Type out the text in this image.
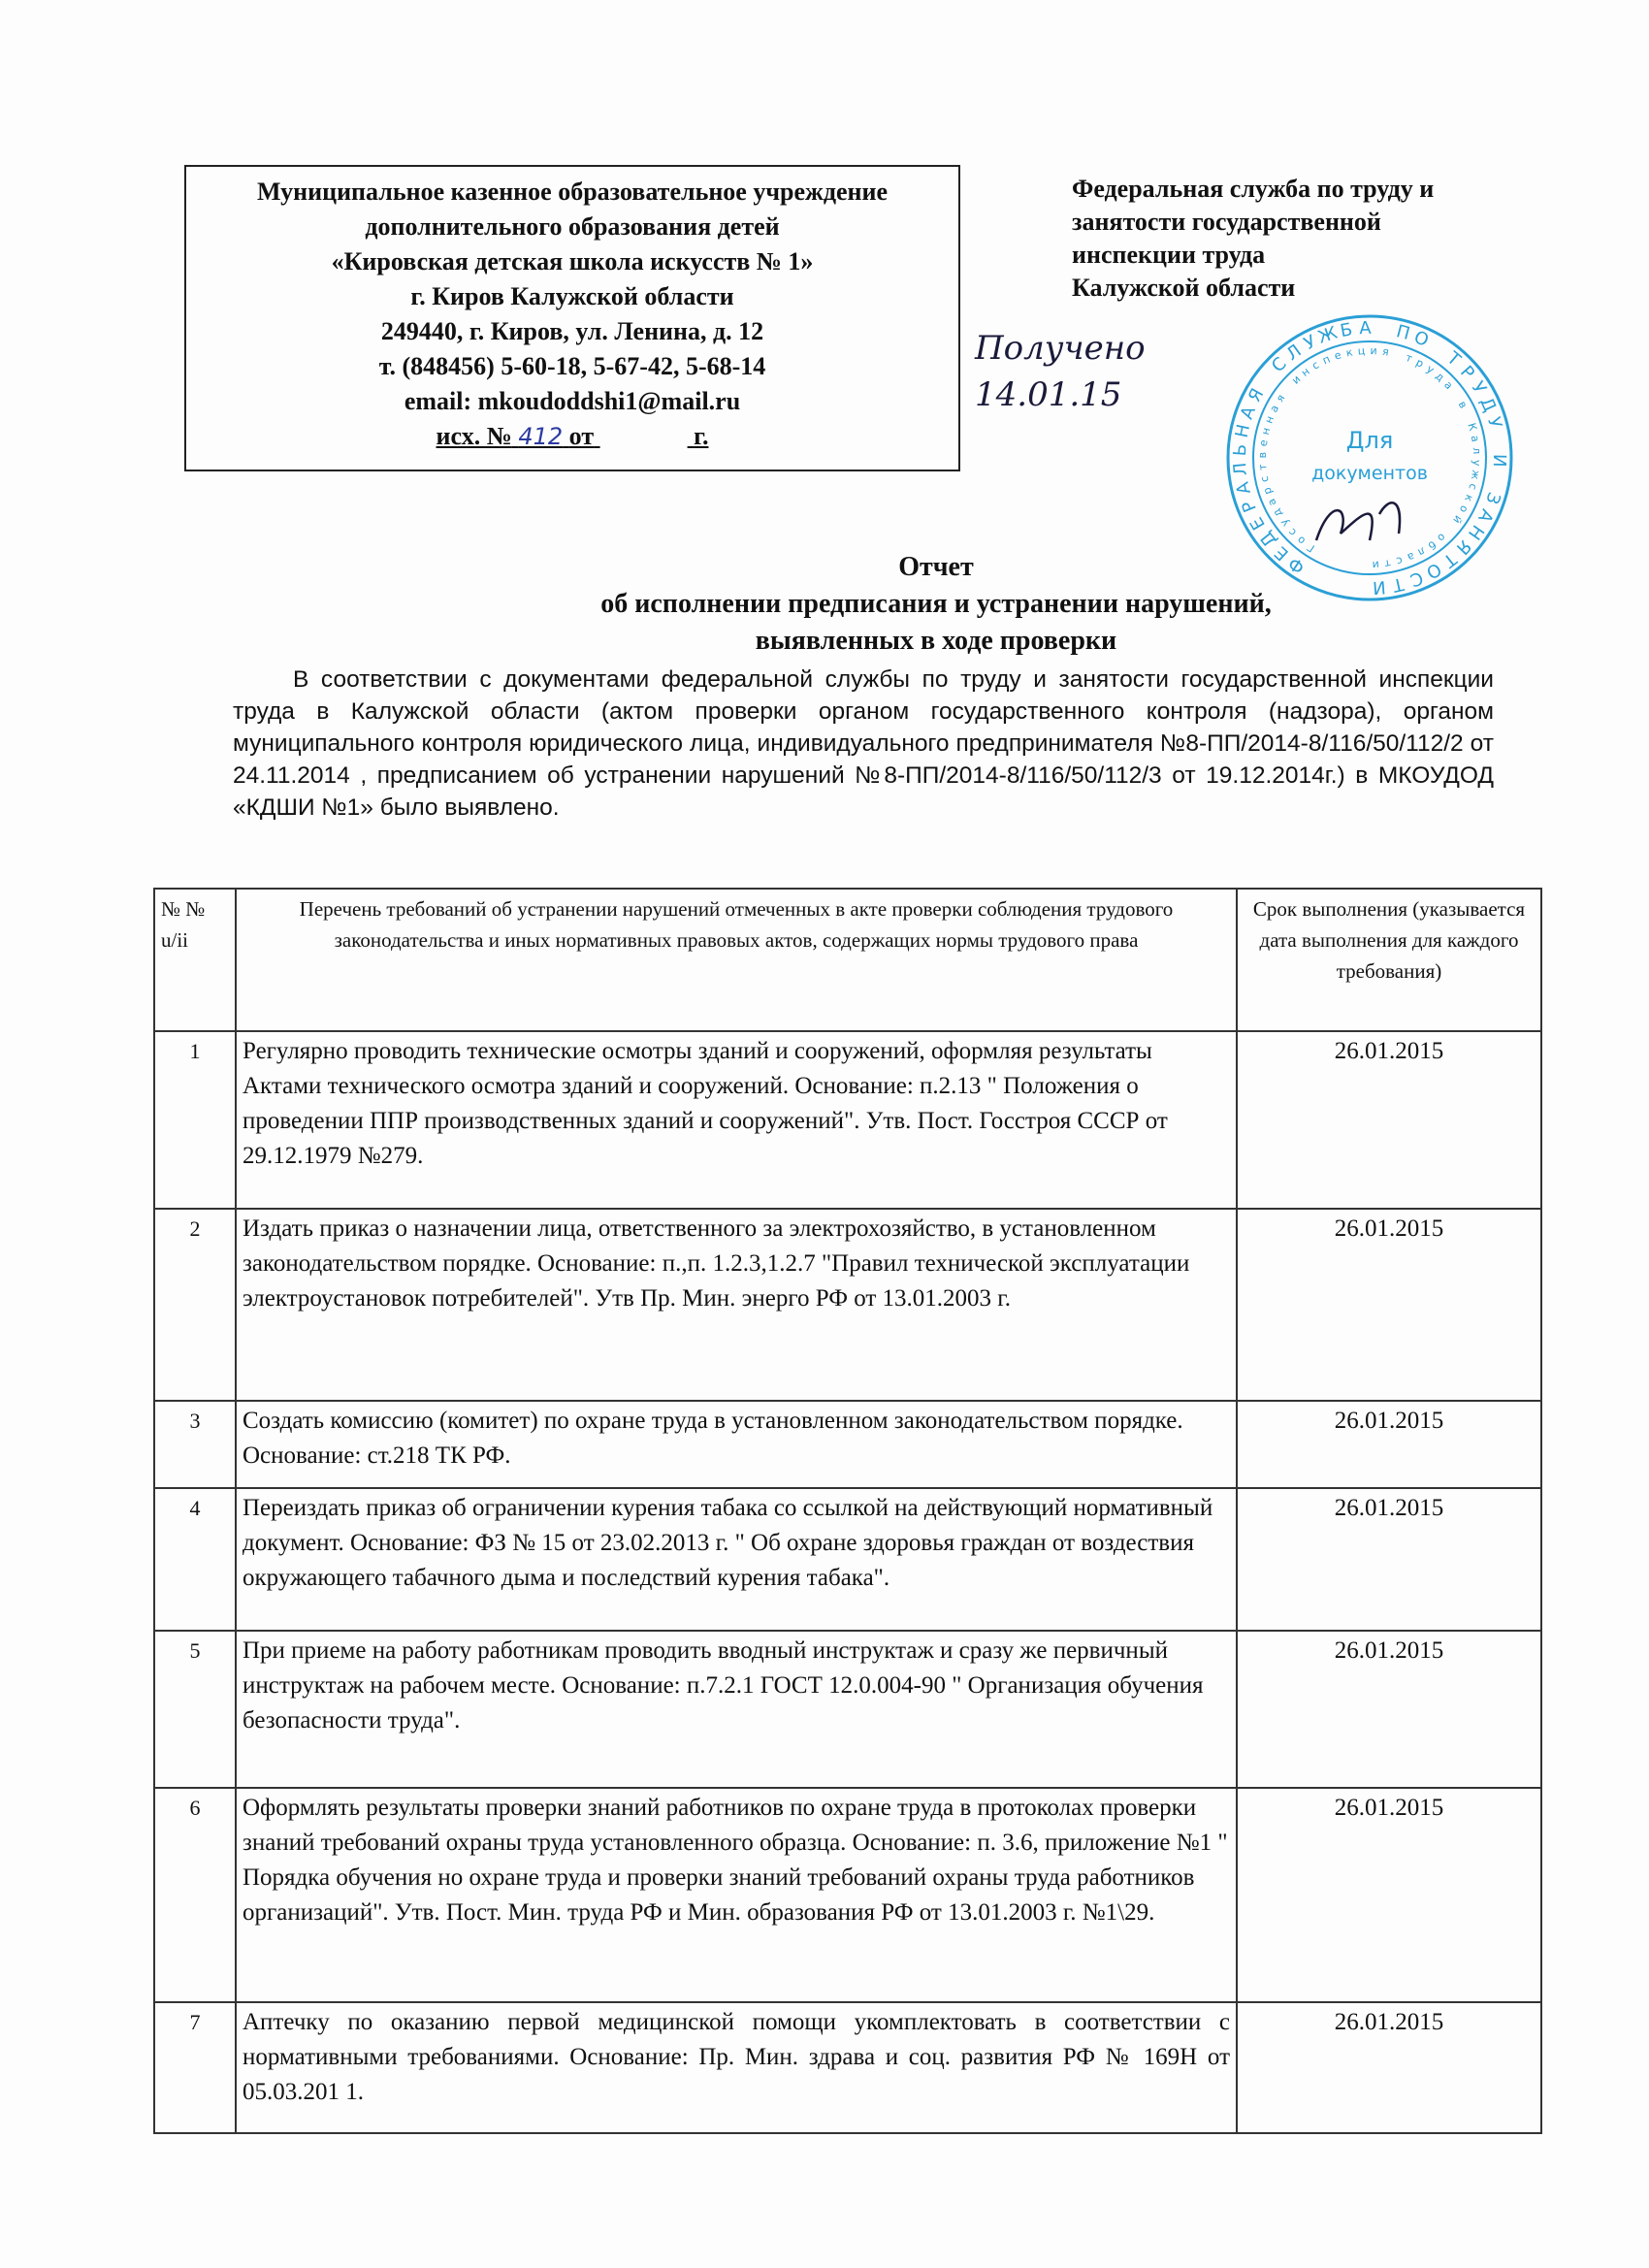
Муниципальное казенное образовательное учреждение
дополнительного образования детей
«Кировская детская школа искусств № 1»
г. Киров Калужской области
249440, г. Киров, ул. Ленина, д. 12
т. (848456) 5-60-18, 5-67-42, 5-68-14
email: mkoudoddshi1@mail.ru
исх. № 412 от	г.
Федеральная служба по труду и
занятости государственной
инспекции труда
Калужской области
Получено
14.01.15
Ф
Е
Д
Е
Р
А
Л
Ь
Н
А
Я
С
Л
У
Ж
Б А П
О
Т
Р
У
Д
У
И
З
А
Н
Я
Т
О
С
Т
И
Г
о
с
у
д
а
р
с
т
в
е
н
н
а
я
и
н
с п е к ц и я т р
у
д
а
в
К
а
л
у
ж
с
к
о
й
о
б
л
а
с
т
и
Для
документов
Отчет
об исполнении предписания и устранении нарушений,
выявленных в ходе проверки
В соответствии с документами федеральной службы по труду и занятости государственной инспекции труда в Калужской области (актом проверки органом государственного контроля (надзора), органом муниципального контроля юридического лица, индивидуального предпринимателя №8-ПП/2014-8/116/50/112/2 от 24.11.2014 , предписанием об устранении нарушений №8-ПП/2014-8/116/50/112/3 от 19.12.2014г.) в МКОУДОД «КДШИ №1» было выявлено.
№ № u/ii	Перечень требований об устранении нарушений отмеченных в акте проверки соблюдения трудового законодательства и иных нормативных правовых актов, содержащих нормы трудового права	Срок выполнения (указывается дата выполнения для каждого требования)
1	Регулярно проводить технические осмотры зданий и сооружений, оформляя результаты Актами технического осмотра зданий и сооружений. Основание: п.2.13 " Положения о проведении ППР производственных зданий и сооружений". Утв. Пост. Госстроя СССР от 29.12.1979 №279.	26.01.2015
2	Издать приказ о назначении лица, ответственного за электрохозяйство, в установленном законодательством порядке. Основание: п.,п. 1.2.3,1.2.7 "Правил технической эксплуатации электроустановок потребителей". Утв Пр. Мин. энерго РФ от 13.01.2003 г.	26.01.2015
3	Создать комиссию (комитет) по охране труда в установленном законодательством порядке. Основание: ст.218 ТК РФ.	26.01.2015
4	Переиздать приказ об ограничении курения табака со ссылкой на действующий нормативный документ. Основание: ФЗ № 15 от 23.02.2013 г. " Об охране здоровья граждан от воздествия окружающего табачного дыма и последствий курения табака".	26.01.2015
5	При приеме на работу работникам проводить вводный инструктаж и сразу же первичный инструктаж на рабочем месте. Основание: п.7.2.1 ГОСТ 12.0.004-90 " Организация обучения безопасности труда".	26.01.2015
6	Оформлять результаты проверки знаний работников по охране труда в протоколах проверки знаний требований охраны труда установленного образца. Основание: п. 3.6, приложение №1 " Порядка обучения но охране труда и проверки знаний требований охраны труда работников организаций". Утв. Пост. Мин. труда РФ и Мин. образования РФ от 13.01.2003 г. №1\29.	26.01.2015
7	Аптечку по оказанию первой медицинской помощи укомплектовать в соответствии с нормативными требованиями. Основание: Пр. Мин. здрава и соц. развития РФ № 169Н от 05.03.201 1.	26.01.2015
